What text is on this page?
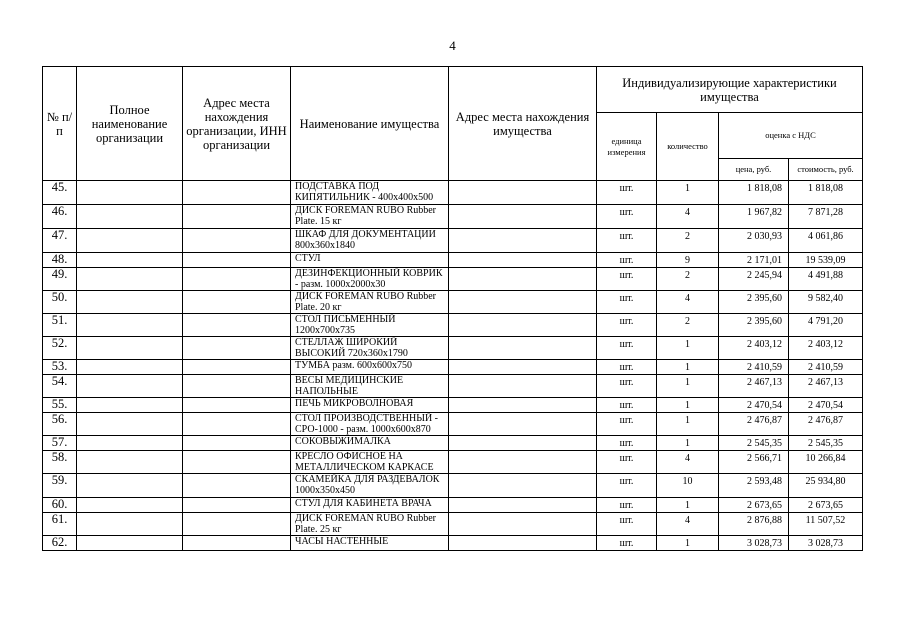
4
№ п/п	Полное наименование организации	Адрес места нахождения организации, ИНН организации	Наименование имущества	Адрес места нахождения имущества	Индивидуализирующие характеристики имущества			
					единица измерения	количество	оценка с НДС	
							цена, руб.	стоимость, руб.
45.			ПОДСТАВКА ПОД КИПЯТИЛЬНИК - 400х400х500		шт.	1	1 818,08	1 818,08
46.			ДИСК FOREMAN RUBO Rubber Plate. 15 кг		шт.	4	1 967,82	7 871,28
47.			ШКАФ ДЛЯ ДОКУМЕНТАЦИИ 800х360х1840		шт.	2	2 030,93	4 061,86
48.			СТУЛ		шт.	9	2 171,01	19 539,09
49.			ДЕЗИНФЕКЦИОННЫЙ КОВРИК - разм. 1000х2000х30		шт.	2	2 245,94	4 491,88
50.			ДИСК FOREMAN RUBO Rubber Plate. 20 кг		шт.	4	2 395,60	9 582,40
51.			СТОЛ ПИСЬМЕННЫЙ 1200х700х735		шт.	2	2 395,60	4 791,20
52.			СТЕЛЛАЖ ШИРОКИЙ ВЫСОКИЙ 720х360х1790		шт.	1	2 403,12	2 403,12
53.			ТУМБА разм. 600х600х750		шт.	1	2 410,59	2 410,59
54.			ВЕСЫ МЕДИЦИНСКИЕ НАПОЛЬНЫЕ		шт.	1	2 467,13	2 467,13
55.			ПЕЧЬ МИКРОВОЛНОВАЯ		шт.	1	2 470,54	2 470,54
56.			СТОЛ ПРОИЗВОДСТВЕННЫЙ - СРО-1000 - разм. 1000х600х870		шт.	1	2 476,87	2 476,87
57.			СОКОВЫЖИМАЛКА		шт.	1	2 545,35	2 545,35
58.			КРЕСЛО ОФИСНОЕ НА МЕТАЛЛИЧЕСКОМ КАРКАСЕ		шт.	4	2 566,71	10 266,84
59.			СКАМЕЙКА ДЛЯ РАЗДЕВАЛОК 1000х350х450		шт.	10	2 593,48	25 934,80
60.			СТУЛ ДЛЯ КАБИНЕТА ВРАЧА		шт.	1	2 673,65	2 673,65
61.			ДИСК FOREMAN RUBO Rubber Plate. 25 кг		шт.	4	2 876,88	11 507,52
62.			ЧАСЫ НАСТЕННЫЕ		шт.	1	3 028,73	3 028,73
